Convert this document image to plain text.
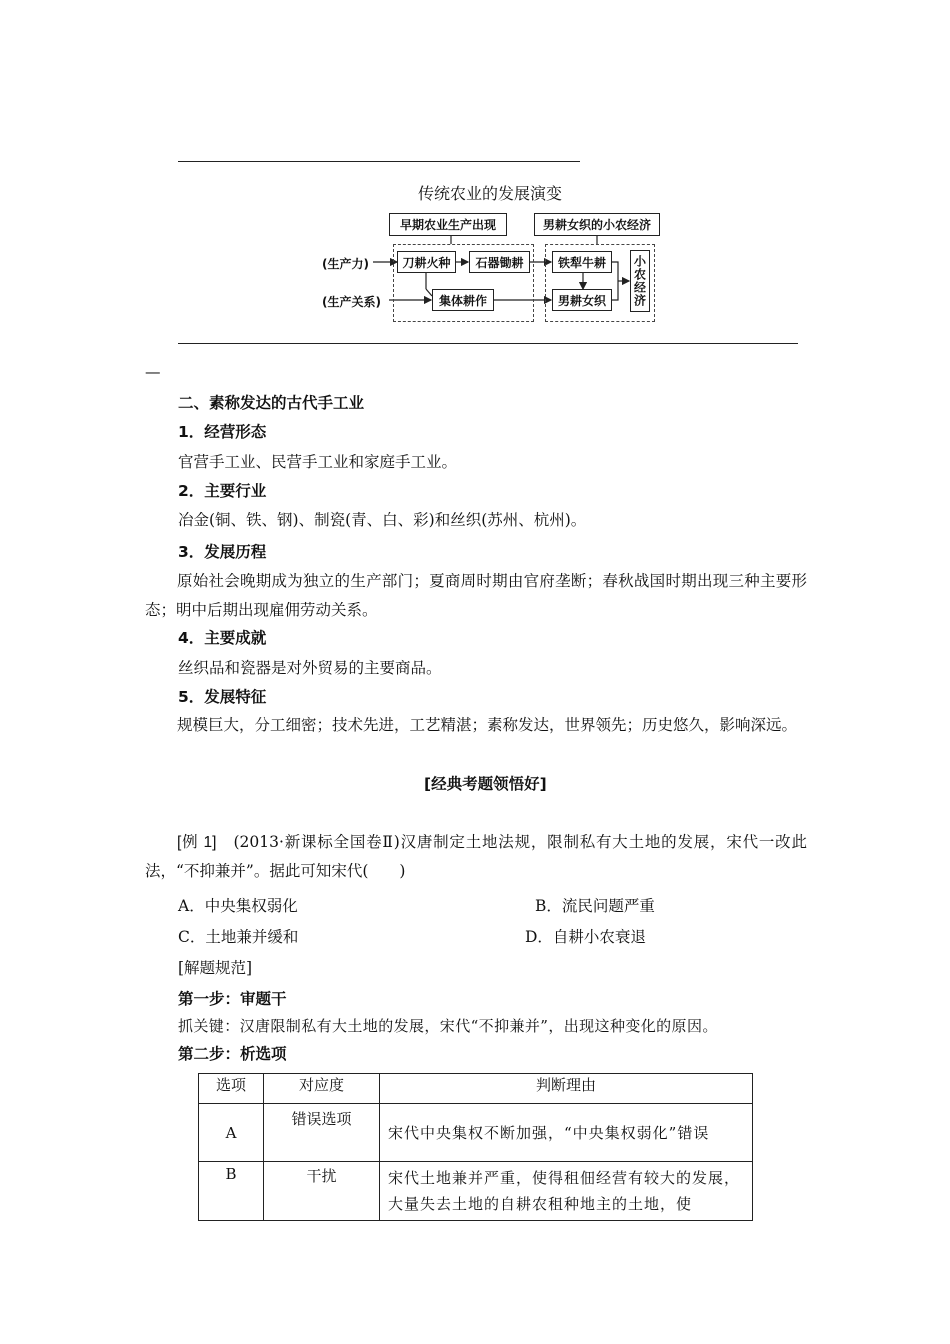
传统农业的发展演变
早期农业生产出现	男耕女织的小农经济
(生产力)
(生产关系)
刀耕火种	石器锄耕
集体耕作
铁犁牛耕
男耕女织	小农经济
—
二、素称发达的古代手工业
1．经营形态
官营手工业、民营手工业和家庭手工业。
2．主要行业
冶金(铜、铁、钢)、制瓷(青、白、彩)和丝织(苏州、杭州)。
3．发展历程
原始社会晚期成为独立的生产部门；夏商周时期由官府垄断；春秋战国时期出现三种主要形态；明中后期出现雇佣劳动关系。
4．主要成就
丝织品和瓷器是对外贸易的主要商品。
5．发展特征
规模巨大，分工细密；技术先进，工艺精湛；素称发达，世界领先；历史悠久，影响深远。
[经典考题领悟好]
[例 1]　 (2013·新课标全国卷Ⅱ)汉唐制定土地法规，限制私有大土地的发展，宋代一改此法，“不抑兼并”。据此可知宋代(　　)
A．中央集权弱化	B．流民问题严重
C．土地兼并缓和	D．自耕小农衰退
[解题规范]
第一步：审题干
抓关键：汉唐限制私有大土地的发展，宋代“不抑兼并”，出现这种变化的原因。
第二步：析选项
选项	对应度	判断理由
A	错误选项	宋代中央集权不断加强，“中央集权弱化”错误
B	干扰	宋代土地兼并严重，使得租佃经营有较大的发展，大量失去土地的自耕农租种地主的土地，使
